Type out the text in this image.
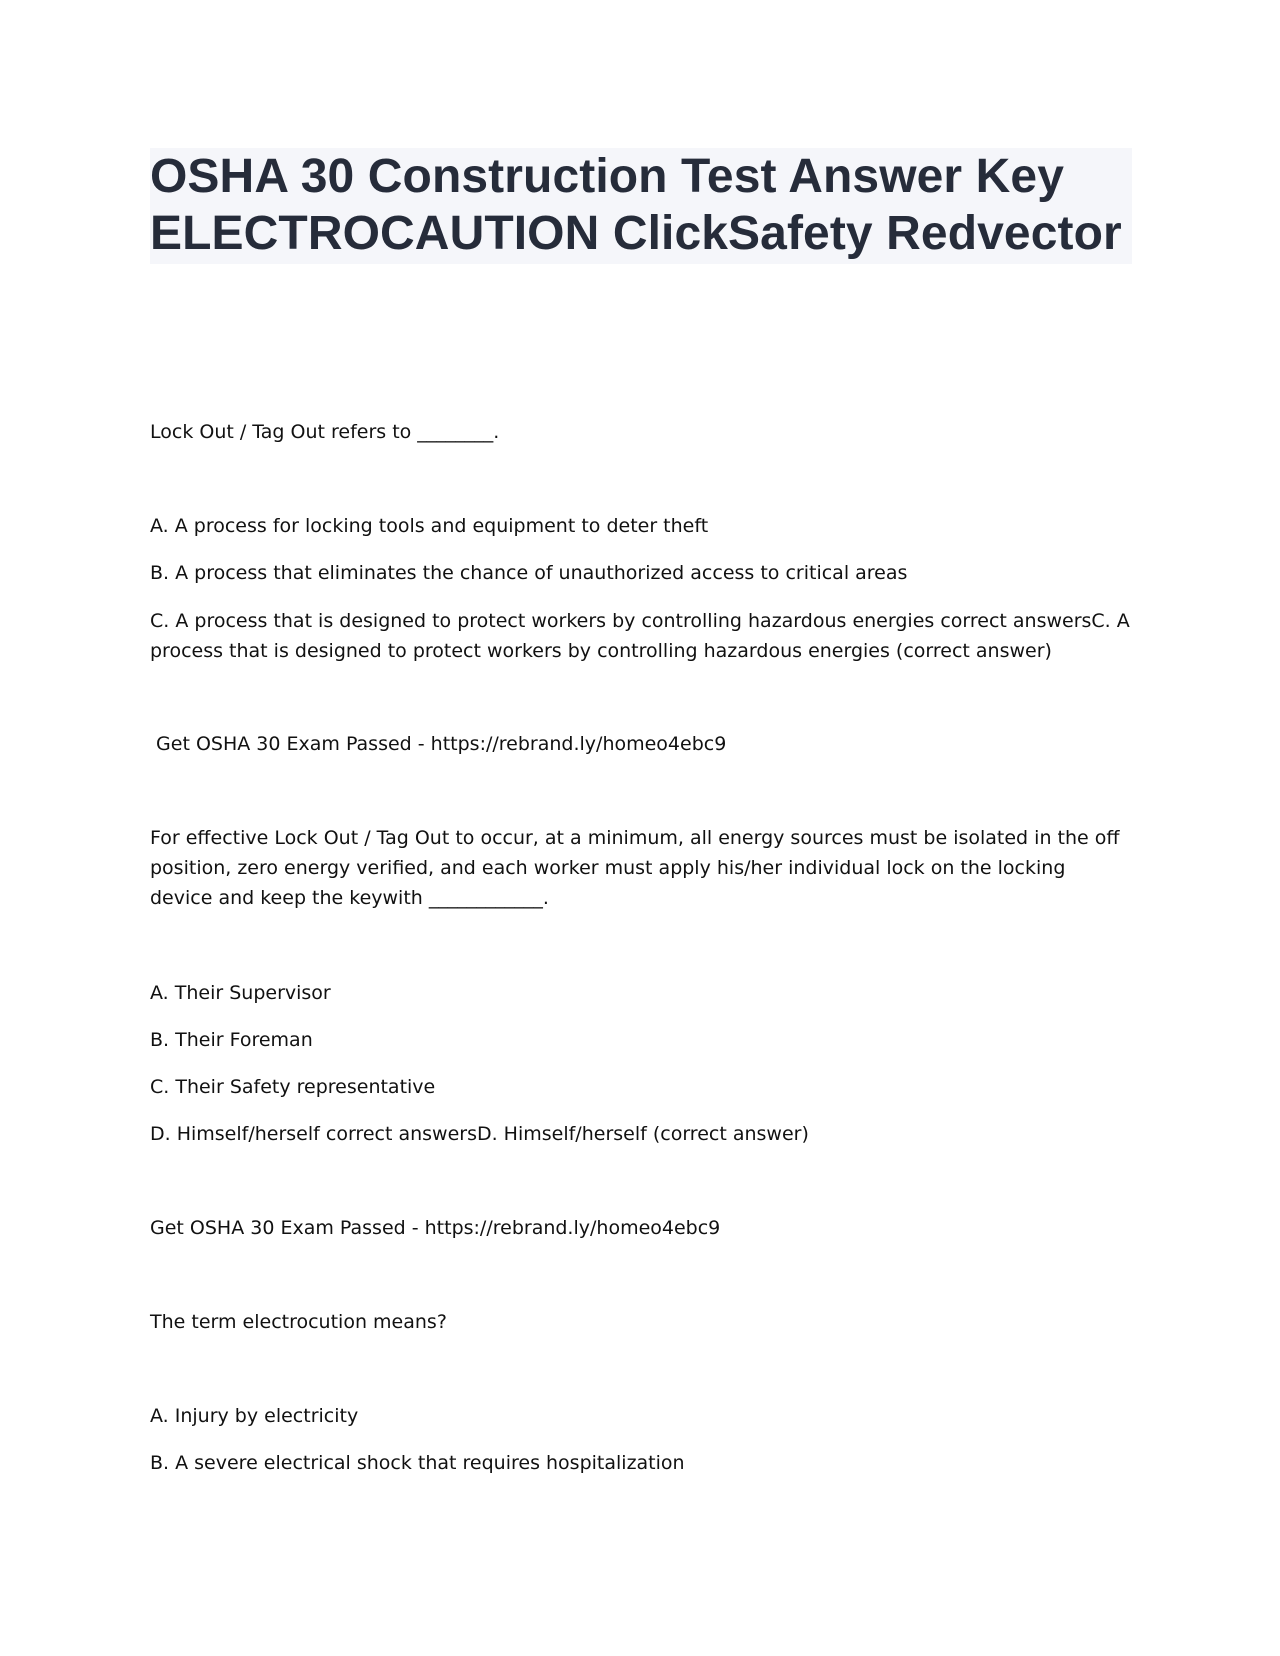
OSHA 30 Construction Test Answer Key ELECTROCAUTION ClickSafety Redvector

Lock Out / Tag Out refers to ________.

A. A process for locking tools and equipment to deter theft

B. A process that eliminates the chance of unauthorized access to critical areas

C. A process that is designed to protect workers by controlling hazardous energies correct answersC. A process that is designed to protect workers by controlling hazardous energies (correct answer)

Get OSHA 30 Exam Passed - https://rebrand.ly/homeo4ebc9

For effective Lock Out / Tag Out to occur, at a minimum, all energy sources must be isolated in the off position, zero energy verified, and each worker must apply his/her individual lock on the locking device and keep the keywith ____________.

A. Their Supervisor

B. Their Foreman

C. Their Safety representative

D. Himself/herself correct answersD. Himself/herself (correct answer)

Get OSHA 30 Exam Passed - https://rebrand.ly/homeo4ebc9

The term electrocution means?

A. Injury by electricity

B. A severe electrical shock that requires hospitalization
